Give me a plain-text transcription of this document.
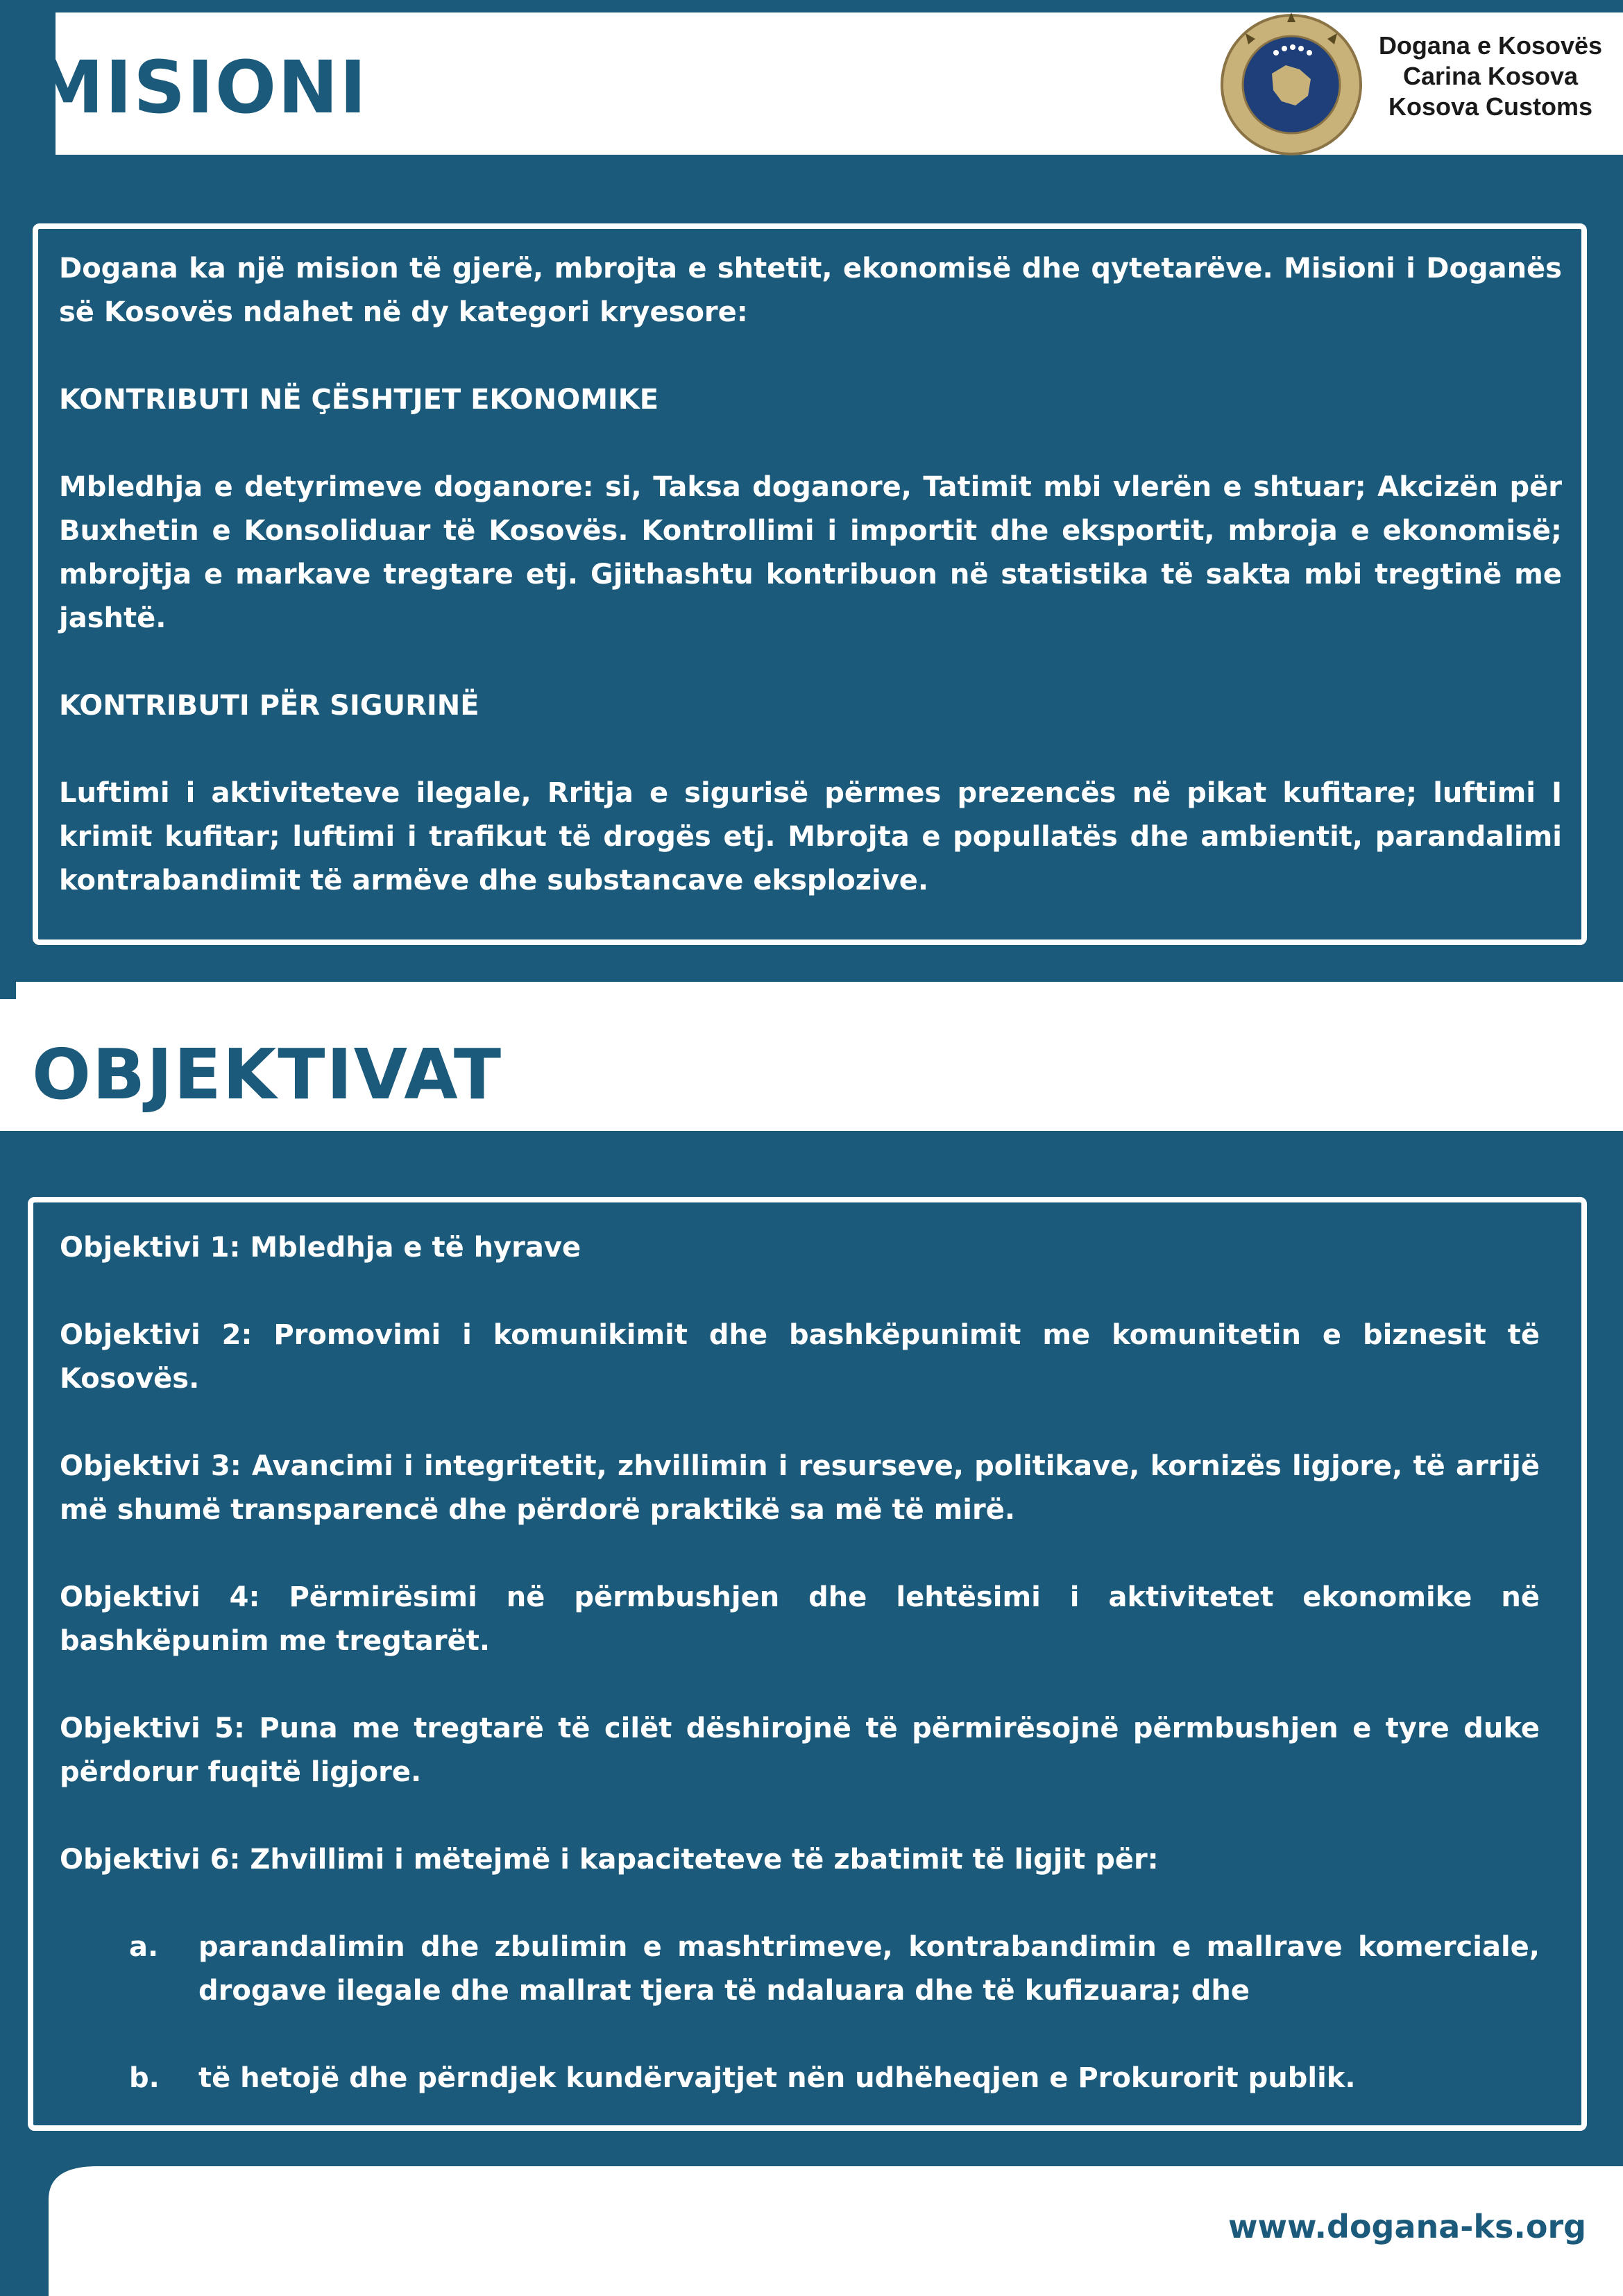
MISIONI	Dogana e Kosovës
Carina Kosova
Kosova Customs

Dogana ka një mision të gjerë, mbrojta e shtetit, ekonomisë dhe qytetarëve. Misioni i Doganës së Kosovës ndahet në dy kategori kryesore:

KONTRIBUTI NË ÇËSHTJET EKONOMIKE

Mbledhja e detyrimeve doganore: si, Taksa doganore, Tatimit mbi vlerën e shtuar; Akcizën për Buxhetin e Konsoliduar të Kosovës. Kontrollimi i importit dhe eksportit, mbroja e ekonomisë; mbrojtja e markave tregtare etj. Gjithashtu kontribuon në statistika të sakta mbi tregtinë me jashtë.

KONTRIBUTI PËR SIGURINË

Luftimi i aktiviteteve ilegale, Rritja e sigurisë përmes prezencës në pikat kufitare; luftimi I krimit kufitar; luftimi i trafikut të drogës etj. Mbrojta e popullatës dhe ambientit, parandalimi kontrabandimit të armëve dhe substancave eksplozive.

OBJEKTIVAT

Objektivi 1: Mbledhja e të hyrave

Objektivi 2: Promovimi i komunikimit dhe bashkëpunimit me komunitetin e biznesit të Kosovës.

Objektivi 3: Avancimi i integritetit, zhvillimin i resurseve, politikave, kornizës ligjore, të arrijë më shumë transparencë dhe përdorë praktikë sa më të mirë.

Objektivi 4: Përmirësimi në përmbushjen dhe lehtësimi i aktivitetet ekonomike në bashkëpunim me tregtarët.

Objektivi 5: Puna me tregtarë të cilët dëshirojnë të përmirësojnë përmbushjen e tyre duke përdorur fuqitë ligjore.

Objektivi 6: Zhvillimi i mëtejmë i kapaciteteve të zbatimit të ligjit për:

a.	parandalimin dhe zbulimin e mashtrimeve, kontrabandimin e mallrave komerciale, drogave ilegale dhe mallrat tjera të ndaluara dhe të kufizuara; dhe
b.	të hetojë dhe përndjek kundërvajtjet nën udhëheqjen e Prokurorit publik.

www.dogana-ks.org
